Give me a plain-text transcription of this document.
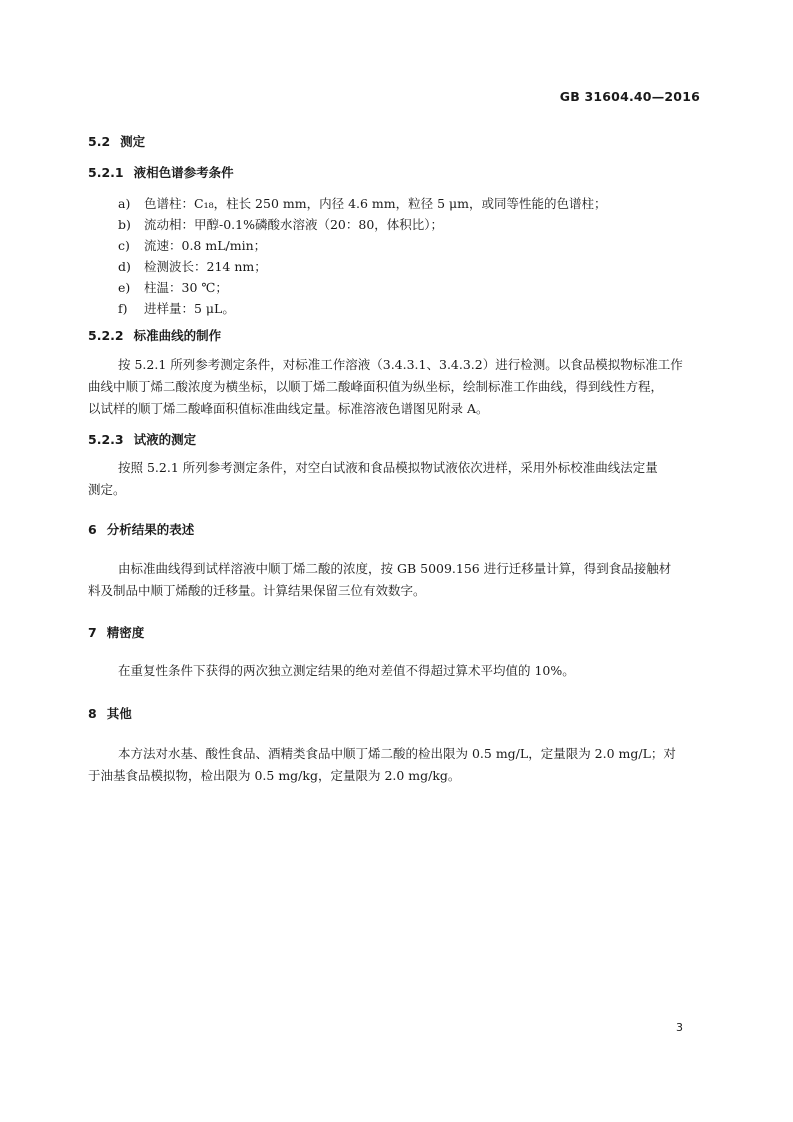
GB 31604.40—2016
5.2 测定
5.2.1 液相色谱参考条件
a) 色谱柱：C₁₈，柱长 250 mm，内径 4.6 mm，粒径 5 μm，或同等性能的色谱柱；
b) 流动相：甲醇-0.1%磷酸水溶液（20：80，体积比）；
c) 流速：0.8 mL/min；
d) 检测波长：214 nm；
e) 柱温：30 ℃；
f) 进样量：5 μL。
5.2.2 标准曲线的制作
按 5.2.1 所列参考测定条件，对标准工作溶液（3.4.3.1、3.4.3.2）进行检测。以食品模拟物标准工作
曲线中顺丁烯二酸浓度为横坐标，以顺丁烯二酸峰面积值为纵坐标，绘制标准工作曲线，得到线性方程，
以试样的顺丁烯二酸峰面积值标准曲线定量。标准溶液色谱图见附录 A。
5.2.3 试液的测定
按照 5.2.1 所列参考测定条件，对空白试液和食品模拟物试液依次进样，采用外标校准曲线法定量
测定。
6 分析结果的表述
由标准曲线得到试样溶液中顺丁烯二酸的浓度，按 GB 5009.156 进行迁移量计算，得到食品接触材
料及制品中顺丁烯酸的迁移量。计算结果保留三位有效数字。
7 精密度
在重复性条件下获得的两次独立测定结果的绝对差值不得超过算术平均值的 10%。
8 其他
本方法对水基、酸性食品、酒精类食品中顺丁烯二酸的检出限为 0.5 mg/L，定量限为 2.0 mg/L；对
于油基食品模拟物，检出限为 0.5 mg/kg，定量限为 2.0 mg/kg。
3
